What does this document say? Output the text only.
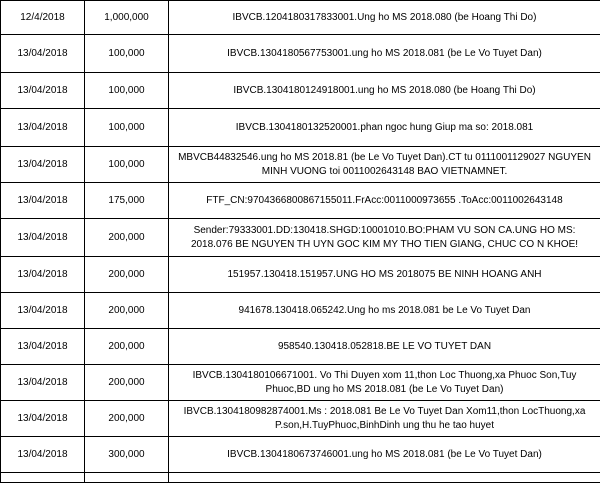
12/4/2018	1,000,000	IBVCB.1204180317833001.Ung ho MS 2018.080 (be Hoang Thi Do)
13/04/2018	100,000	IBVCB.1304180567753001.ung ho MS 2018.081 (be Le Vo Tuyet Dan)
13/04/2018	100,000	IBVCB.1304180124918001.ung ho MS 2018.080 (be Hoang Thi Do)
13/04/2018	100,000	IBVCB.1304180132520001.phan ngoc hung Giup ma so: 2018.081
13/04/2018	100,000	MBVCB44832546.ung ho MS 2018.81 (be Le Vo Tuyet Dan).CT tu 0111001129027 NGUYEN MINH VUONG toi 0011002643148 BAO VIETNAMNET.
13/04/2018	175,000	FTF_CN:9704366800867155011.FrAcc:0011000973655 .ToAcc:0011002643148
13/04/2018	200,000	Sender:79333001.DD:130418.SHGD:10001010.BO:PHAM VU SON CA.UNG HO MS: 2018.076 BE NGUYEN TH UYN GOC KIM MY THO TIEN GIANG, CHUC CO N KHOE!
13/04/2018	200,000	151957.130418.151957.UNG HO MS 2018075 BE NINH HOANG ANH
13/04/2018	200,000	941678.130418.065242.Ung ho ms 2018.081 be Le Vo Tuyet Dan
13/04/2018	200,000	958540.130418.052818.BE LE VO TUYET DAN
13/04/2018	200,000	IBVCB.1304180106671001. Vo Thi Duyen xom 11,thon Loc Thuong,xa Phuoc Son,Tuy Phuoc,BD ung ho MS 2018.081 (be Le Vo Tuyet Dan)
13/04/2018	200,000	IBVCB.1304180982874001.Ms : 2018.081 Be Le Vo Tuyet Dan Xom11,thon LocThuong,xa P.son,H.TuyPhuoc,BinhDinh ung thu he tao huyet
13/04/2018	300,000	IBVCB.1304180673746001.ung ho MS 2018.081 (be Le Vo Tuyet Dan)
